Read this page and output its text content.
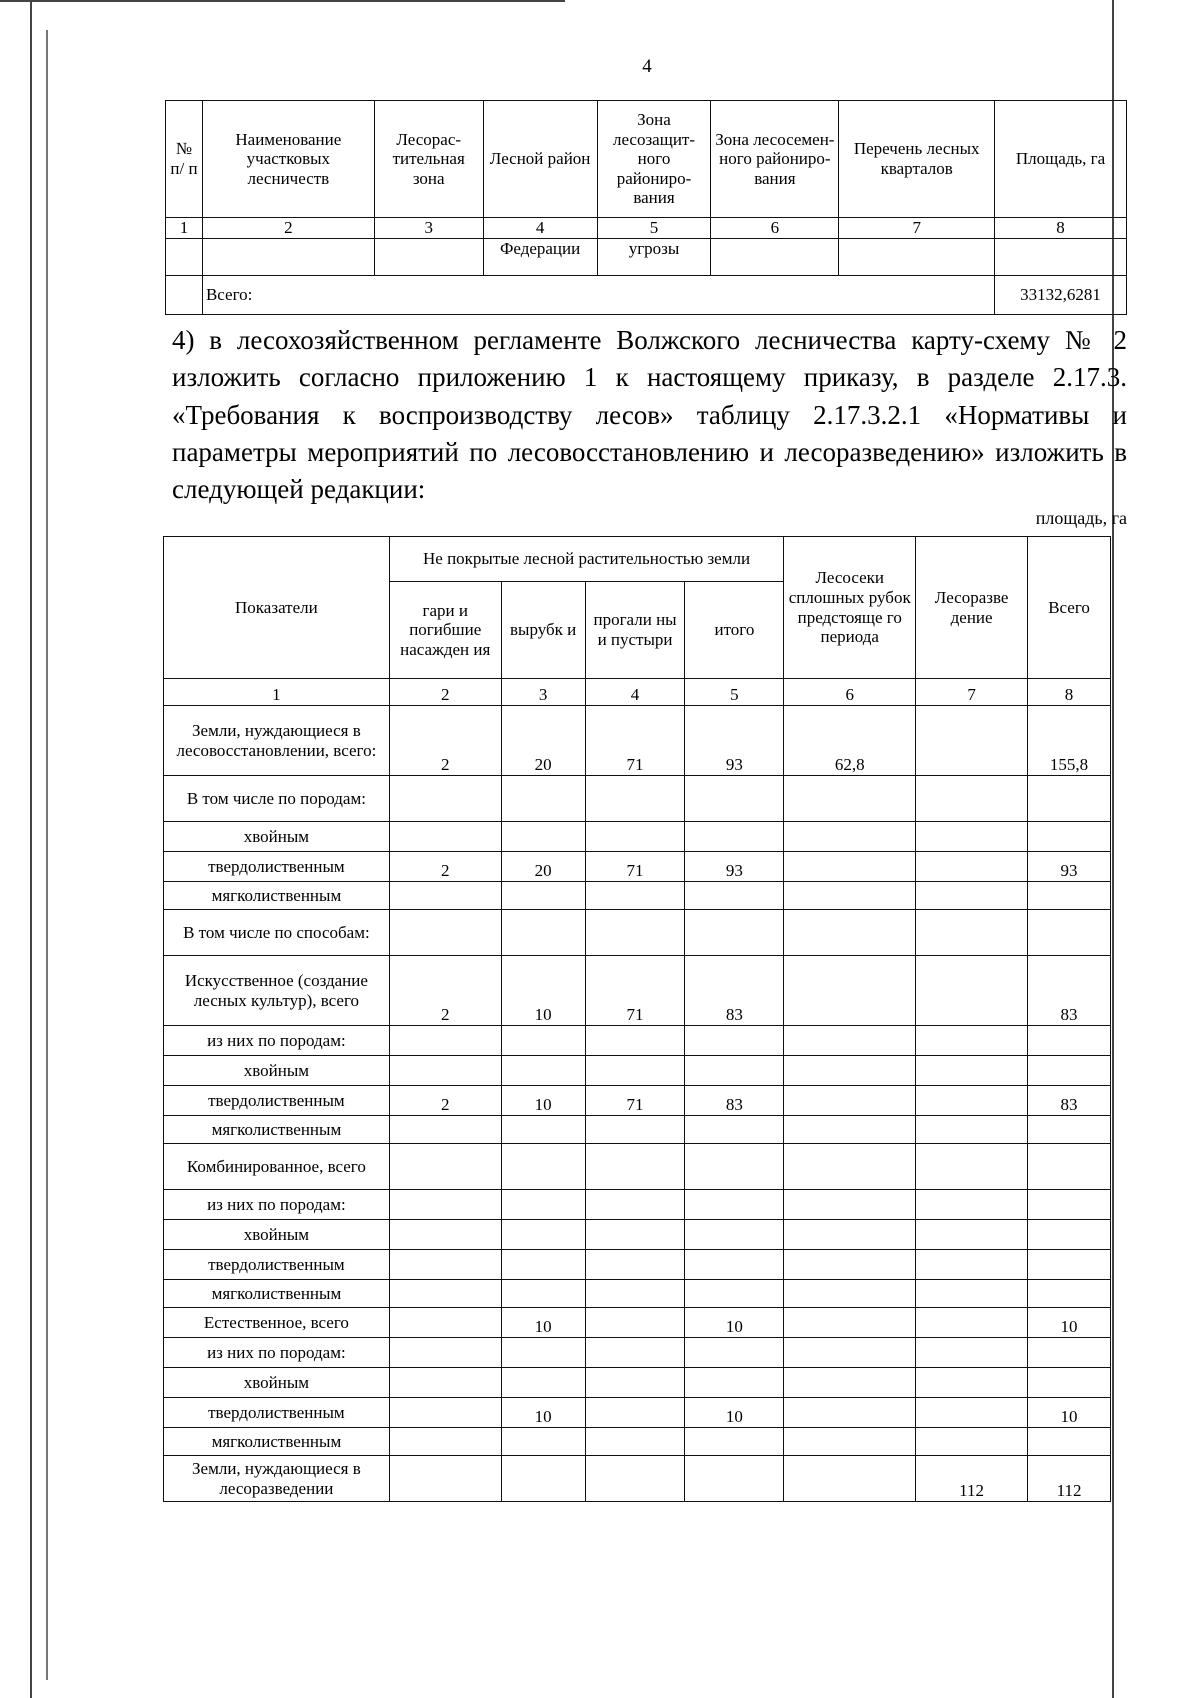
4
№ п/ п	Наименование участковых лесничеств	Лесорас-тительная зона	Лесной район	Зона лесозащит-ного райониро-вания	Зона лесосемен-ного райониро-вания	Перечень лесных кварталов	Площадь, га
1	2	3	4	5	6	7	8
			Федерации	угрозы			
	Всего:						33132,6281

4) в лесохозяйственном регламенте Волжского лесничества карту-схему № 2 изложить согласно приложению 1 к настоящему приказу, в разделе 2.17.3. «Требования к воспроизводству лесов» таблицу 2.17.3.2.1 «Нормативы и параметры мероприятий по лесовосстановлению и лесоразведению» изложить в следующей редакции:

площадь, га
Показатели	Не покрытые лесной растительностью земли				Лесосеки сплошных рубок предстояще го периода	Лесоразве дение	Всего
	гари и погибшие насажден ия	вырубк и	прогали ны и пустыри	итого			
1	2	3	4	5	6	7	8
Земли, нуждающиеся в лесовосстановлении, всего:	2	20	71	93	62,8		155,8
В том числе по породам:							
хвойным							
твердолиственным	2	20	71	93			93
мягколиственным							
В том числе по способам:							
Искусственное (создание лесных культур), всего	2	10	71	83			83
из них по породам:							
хвойным							
твердолиственным	2	10	71	83			83
мягколиственным							
Комбинированное, всего							
из них по породам:							
хвойным							
твердолиственным							
мягколиственным							
Естественное, всего		10		10			10
из них по породам:							
хвойным							
твердолиственным		10		10			10
мягколиственным							
Земли, нуждающиеся в лесоразведении						112	112
